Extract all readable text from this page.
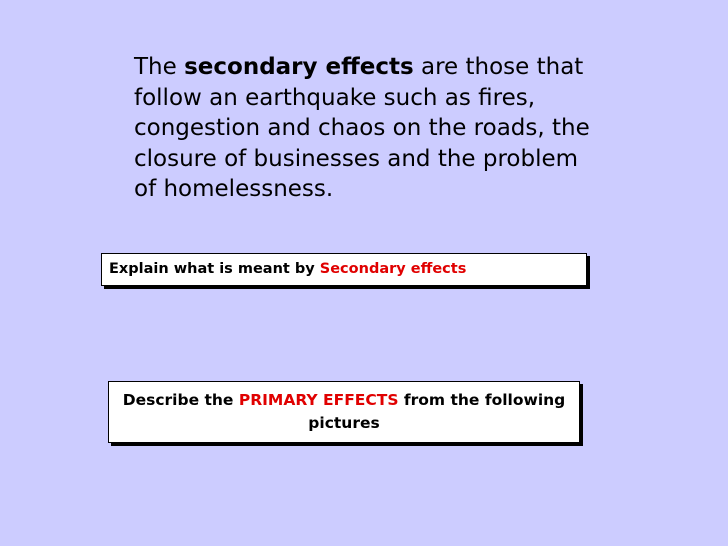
The secondary effects are those that follow an earthquake such as fires, congestion and chaos on the roads, the closure of businesses and the problem of homelessness.
Explain what is meant by Secondary effects
Describe the PRIMARY EFFECTS from the following pictures
